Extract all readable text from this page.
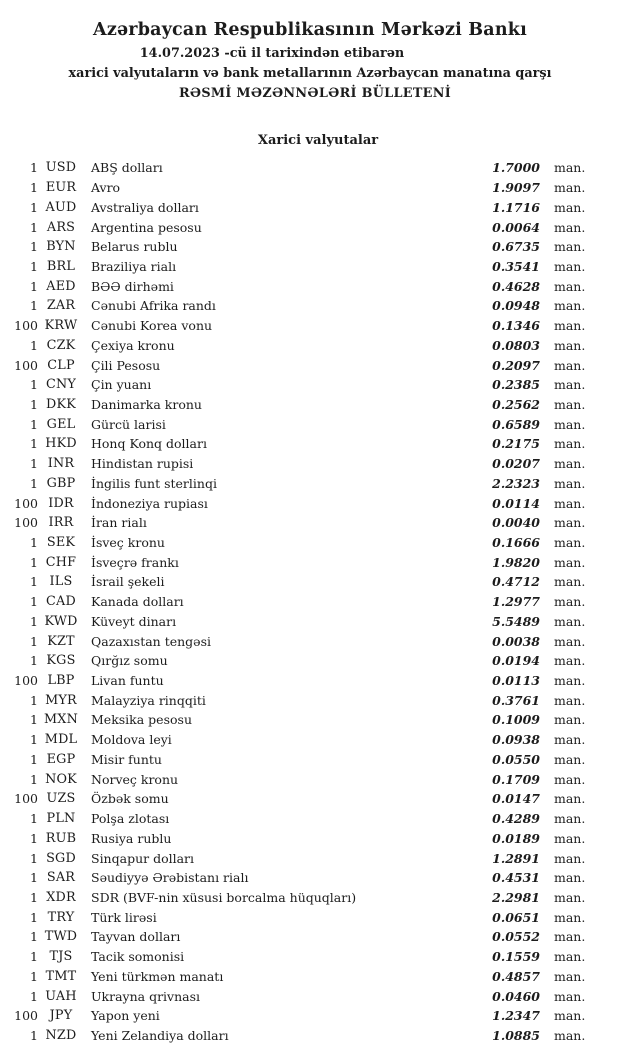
Azərbaycan Respublikasının Mərkəzi Bankı
14.07.2023 -cü il tarixindən etibarən
xarici valyutaların və bank metallarının Azərbaycan manatına qarşı
RƏSMİ MƏZƏNNƏLƏRİ BÜLLETENİ
Xarici valyutalar
1 USD	ABŞ dolları	1.7000	man.
1 EUR	Avro	1.9097	man.
1 AUD	Avstraliya dolları	1.1716	man.
1 ARS	Argentina pesosu	0.0064	man.
1 BYN	Belarus rublu	0.6735	man.
1 BRL	Braziliya rialı	0.3541	man.
1 AED	BƏƏ dirhəmi	0.4628	man.
1 ZAR	Cənubi Afrika randı	0.0948	man.
100 KRW	Cənubi Korea vonu	0.1346	man.
1 CZK	Çexiya kronu	0.0803	man.
100 CLP	Çili Pesosu	0.2097	man.
1 CNY	Çin yuanı	0.2385	man.
1 DKK	Danimarka kronu	0.2562	man.
1 GEL	Gürcü larisi	0.6589	man.
1 HKD	Honq Konq dolları	0.2175	man.
1 INR	Hindistan rupisi	0.0207	man.
1 GBP	İngilis funt sterlinqi	2.2323	man.
100 IDR	İndoneziya rupiası	0.0114	man.
100 IRR	İran rialı	0.0040	man.
1 SEK	İsveç kronu	0.1666	man.
1 CHF	İsveçrə frankı	1.9820	man.
1 ILS	İsrail şekeli	0.4712	man.
1 CAD	Kanada dolları	1.2977	man.
1 KWD	Küveyt dinarı	5.5489	man.
1 KZT	Qazaxıstan tengəsi	0.0038	man.
1 KGS	Qırğız somu	0.0194	man.
100 LBP	Livan funtu	0.0113	man.
1 MYR	Malayziya rinqqiti	0.3761	man.
1 MXN	Meksika pesosu	0.1009	man.
1 MDL	Moldova leyi	0.0938	man.
1 EGP	Misir funtu	0.0550	man.
1 NOK	Norveç kronu	0.1709	man.
100 UZS	Özbək somu	0.0147	man.
1 PLN	Polşa zlotası	0.4289	man.
1 RUB	Rusiya rublu	0.0189	man.
1 SGD	Sinqapur dolları	1.2891	man.
1 SAR	Səudiyyə Ərəbistanı rialı	0.4531	man.
1 XDR	SDR (BVF-nin xüsusi borcalma hüquqları)	2.2981	man.
1 TRY	Türk lirəsi	0.0651	man.
1 TWD	Tayvan dolları	0.0552	man.
1 TJS	Tacik somonisi	0.1559	man.
1 TMT	Yeni türkmən manatı	0.4857	man.
1 UAH	Ukrayna qrivnası	0.0460	man.
100 JPY	Yapon yeni	1.2347	man.
1 NZD	Yeni Zelandiya dolları	1.0885	man.
